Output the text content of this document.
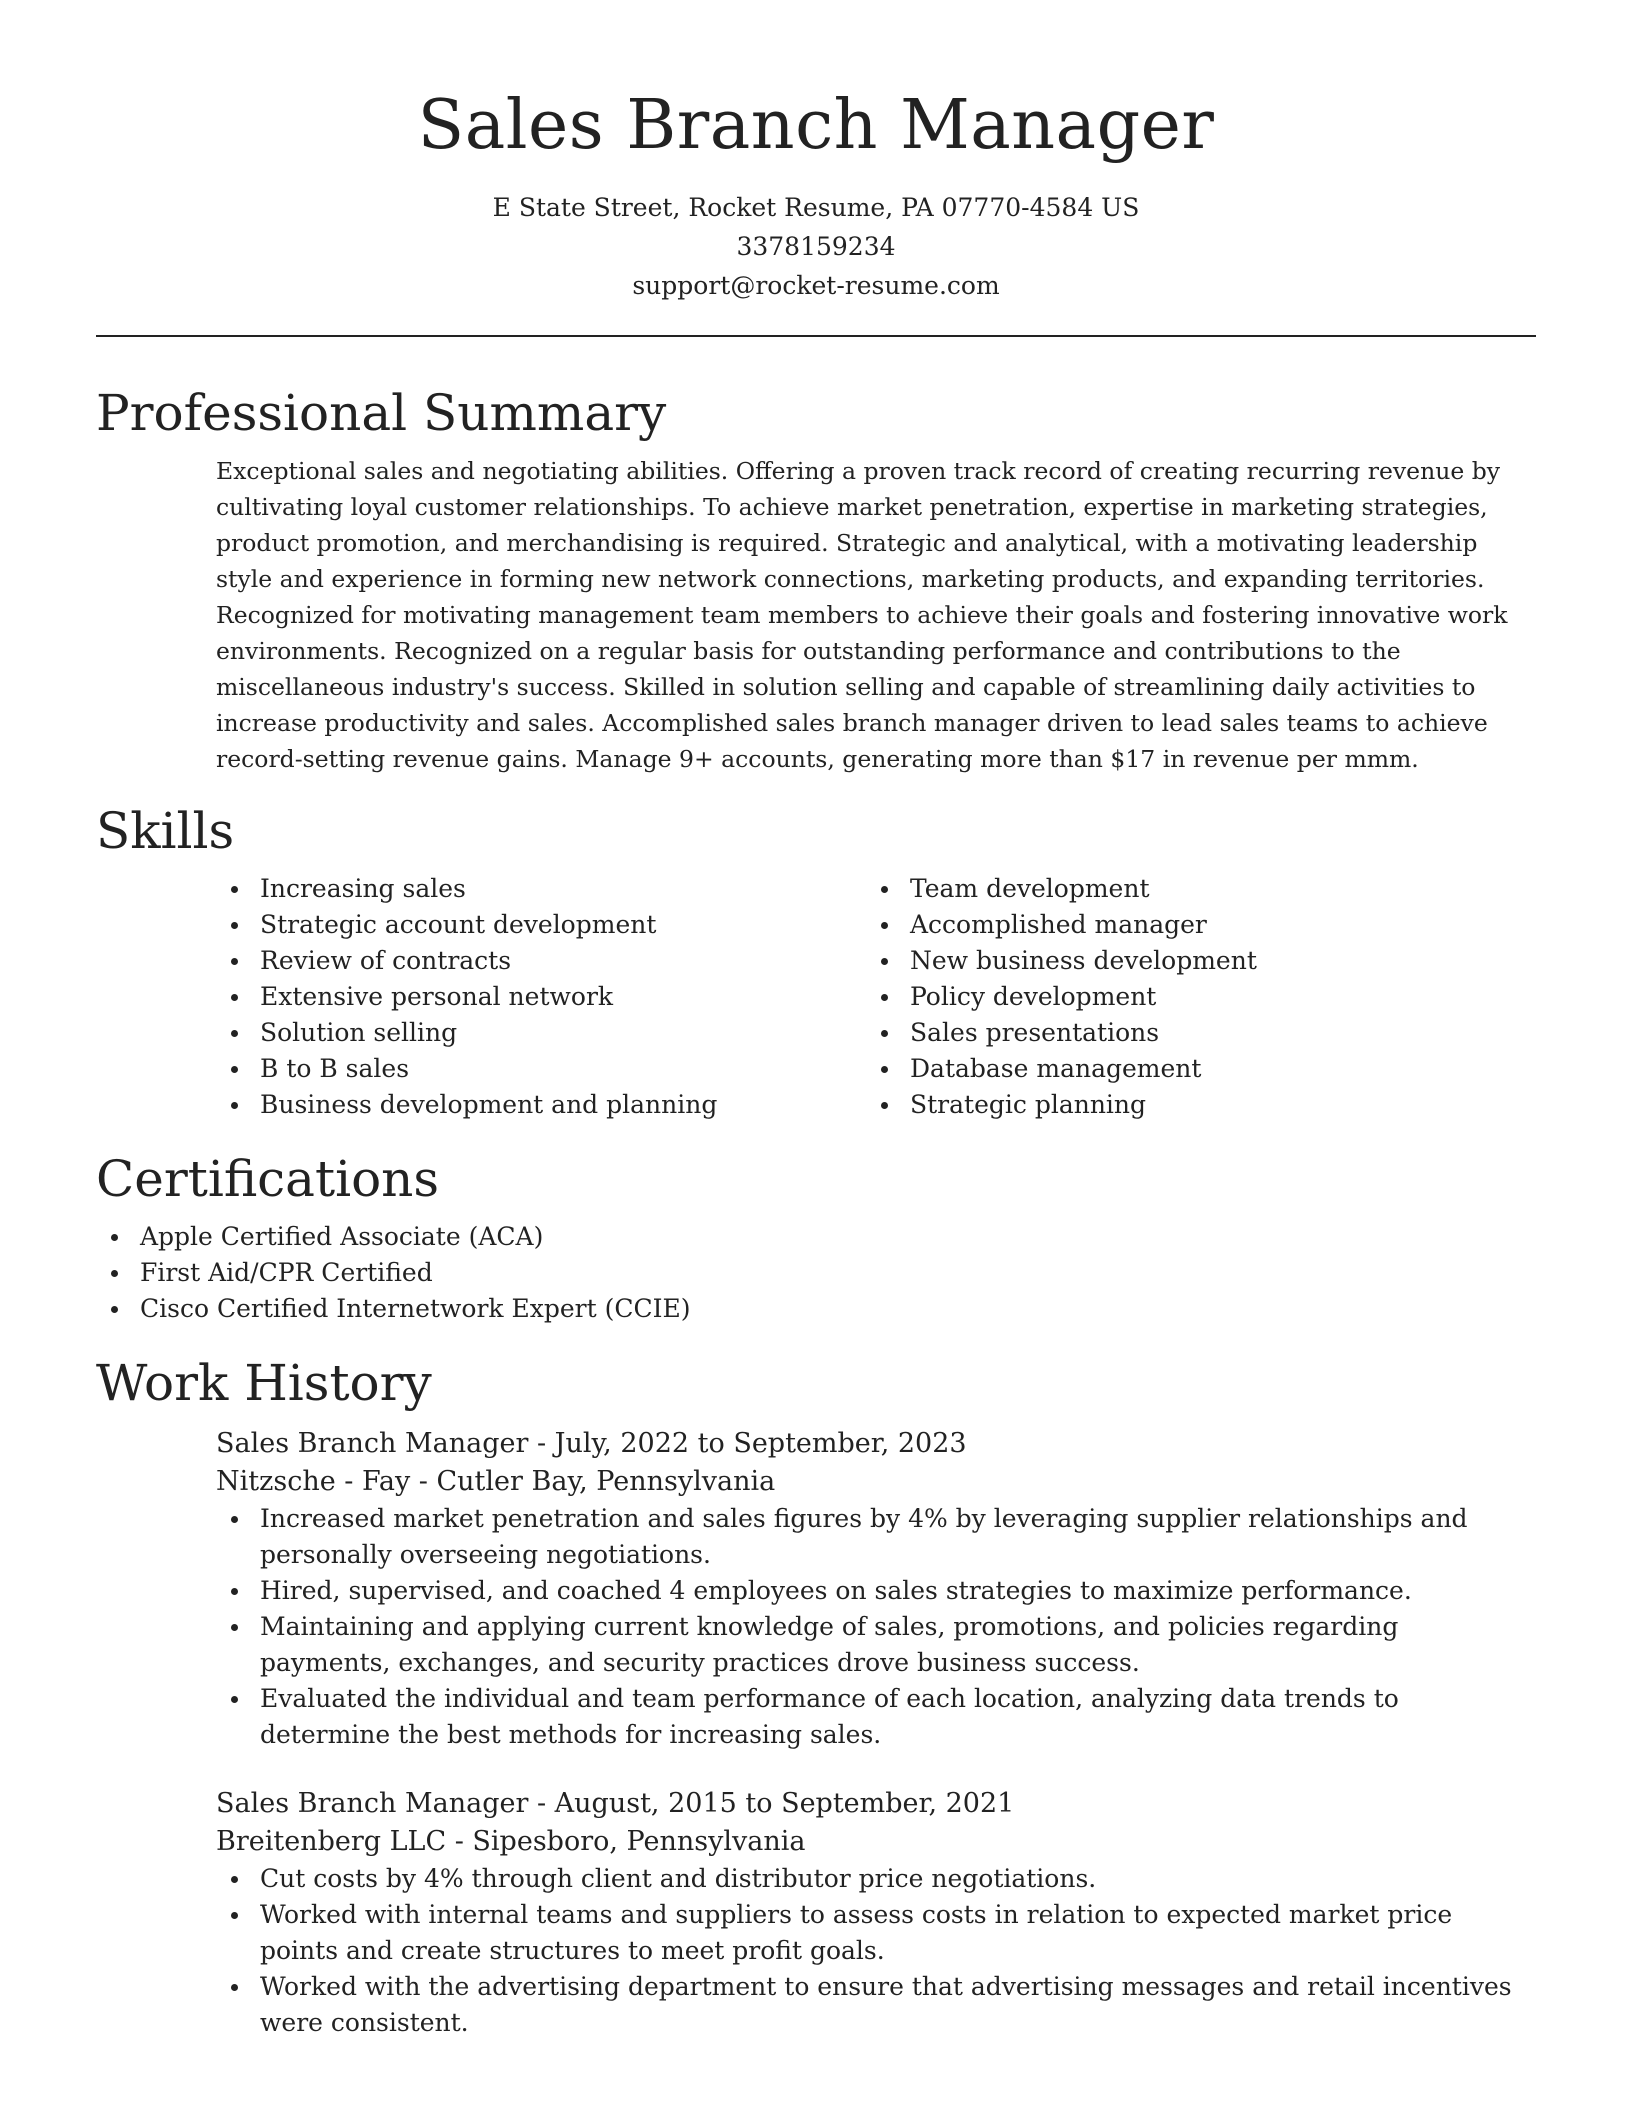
Sales Branch Manager
E State Street, Rocket Resume, PA 07770-4584 US
3378159234
support@rocket-resume.com
Professional Summary

Exceptional sales and negotiating abilities. Offering a proven track record of creating recurring revenue by cultivating loyal customer relationships. To achieve market penetration, expertise in marketing strategies, product promotion, and merchandising is required. Strategic and analytical, with a motivating leadership style and experience in forming new network connections, marketing products, and expanding territories. Recognized for motivating management team members to achieve their goals and fostering innovative work environments. Recognized on a regular basis for outstanding performance and contributions to the miscellaneous industry's success. Skilled in solution selling and capable of streamlining daily activities to increase productivity and sales. Accomplished sales branch manager driven to lead sales teams to achieve record-setting revenue gains. Manage 9+ accounts, generating more than $17 in revenue per mmm.

Skills
Increasing sales
Strategic account development
Review of contracts
Extensive personal network
Solution selling
B to B sales
Business development and planning
Team development
Accomplished manager
New business development
Policy development
Sales presentations
Database management
Strategic planning
Certifications
Apple Certified Associate (ACA)
First Aid/CPR Certified
Cisco Certified Internetwork Expert (CCIE)
Work History
Sales Branch Manager - July, 2022 to September, 2023
Nitzsche - Fay - Cutler Bay, Pennsylvania
Increased market penetration and sales figures by 4% by leveraging supplier relationships and personally overseeing negotiations.
Hired, supervised, and coached 4 employees on sales strategies to maximize performance.
Maintaining and applying current knowledge of sales, promotions, and policies regarding payments, exchanges, and security practices drove business success.
Evaluated the individual and team performance of each location, analyzing data trends to determine the best methods for increasing sales.
Sales Branch Manager - August, 2015 to September, 2021
Breitenberg LLC - Sipesboro, Pennsylvania
Cut costs by 4% through client and distributor price negotiations.
Worked with internal teams and suppliers to assess costs in relation to expected market price points and create structures to meet profit goals.
Worked with the advertising department to ensure that advertising messages and retail incentives were consistent.
